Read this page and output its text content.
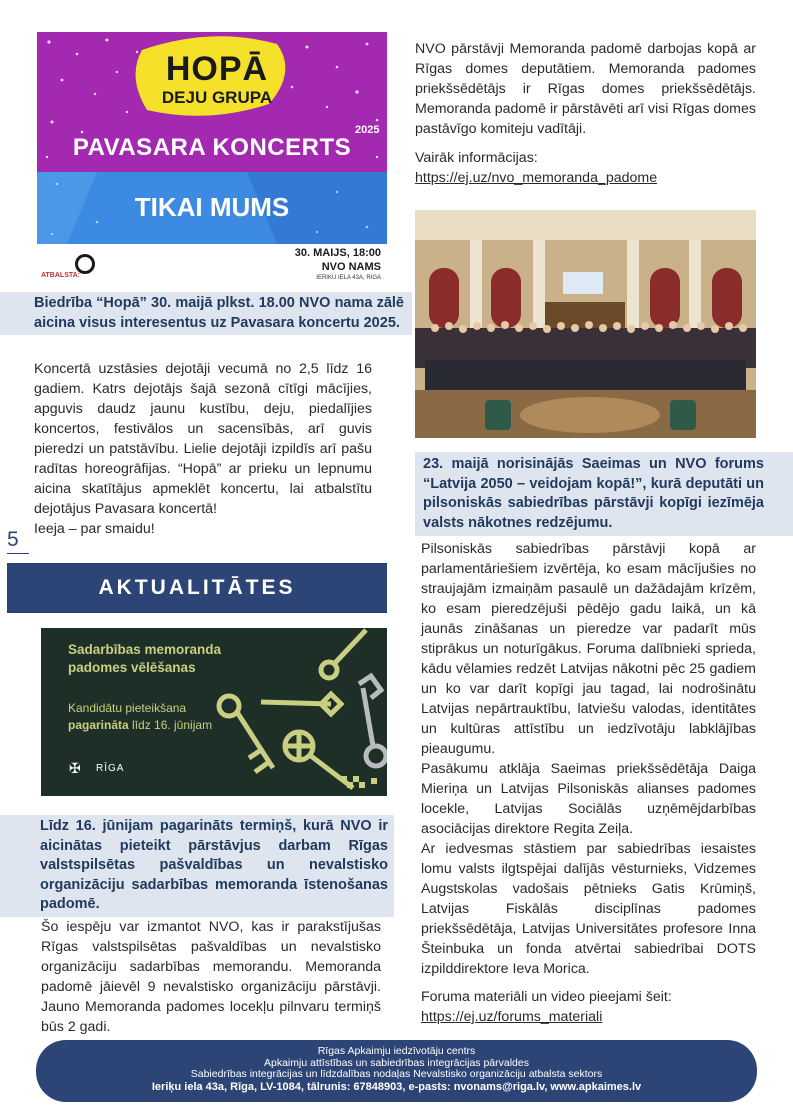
HOPĀ
DEJU GRUPA
2025
PAVASARA KONCERTS
TIKAI MUMS
ATBALSTA:
30. MAIJS, 18:00
NVO NAMS
IERIKU IELA 43A, RIGA
Biedrība “Hopā” 30. maijā plkst. 18.00 NVO nama zālē aicina visus interesentus uz Pavasara koncertu 2025.
Koncertā uzstāsies dejotāji vecumā no 2,5 līdz 16 gadiem. Katrs dejotājs šajā sezonā cītīgi mācījies, apguvis daudz jaunu kustību, deju, piedalījies koncertos, festivālos un sacensībās, arī guvis pieredzi un patstāvību. Lielie dejotāji izpildīs arī pašu radītas horeogrāfijas. “Hopā” ar prieku un lepnumu aicina skatītājus apmeklēt koncertu, lai atbalstītu dejotājus Pavasara koncertā!
Ieeja – par smaidu!
5
AKTUALITĀTES
Sadarbības memoranda
padomes vēlēšanas
Kandidātu pieteikšana
pagarināta līdz 16. jūnijam
✠	RĪGA
Līdz 16. jūnijam pagarināts termiņš, kurā NVO ir aicinātas pieteikt pārstāvjus darbam Rīgas valstspilsētas pašvaldības un nevalstisko organizāciju sadarbības memoranda īstenošanas padomē.
Šo iespēju var izmantot NVO, kas ir parakstījušas Rīgas valstspilsētas pašvaldības un nevalstisko organizāciju sadarbības memorandu. Memoranda padomē jāievēl 9 nevalstisko organizāciju pārstāvji. Jauno Memoranda padomes locekļu pilnvaru termiņš būs 2 gadi.
NVO pārstāvji Memoranda padomē darbojas kopā ar Rīgas domes deputātiem. Memoranda padomes priekšsēdētājs ir Rīgas domes priekšsēdētājs. Memoranda padomē ir pārstāvēti arī visi Rīgas domes pastāvīgo komiteju vadītāji.
Vairāk informācijas:
https://ej.uz/nvo_memoranda_padome
23. maijā norisinājās Saeimas un NVO forums “Latvija 2050 – veidojam kopā!”, kurā deputāti un pilsoniskās sabiedrības pārstāvji kopīgi iezīmēja valsts nākotnes redzējumu.
Pilsoniskās sabiedrības pārstāvji kopā ar parlamentāriešiem izvērtēja, ko esam mācījušies no straujajām izmaiņām pasaulē un dažādajām krīzēm, ko esam pieredzējuši pēdējo gadu laikā, un kā jaunās zināšanas un pieredze var padarīt mūs stiprākus un noturīgākus. Foruma dalībnieki sprieda, kādu vēlamies redzēt Latvijas nākotni pēc 25 gadiem un ko var darīt kopīgi jau tagad, lai nodrošinātu Latvijas nepārtrauktību, latviešu valodas, identitātes un kultūras attīstību un iedzīvotāju labklājības pieaugumu.
Pasākumu atklāja Saeimas priekšsēdētāja Daiga Mieriņa un Latvijas Pilsoniskās alianses padomes locekle, Latvijas Sociālās uzņēmējdarbības asociācijas direktore Regita Zeiļa.
Ar iedvesmas stāstiem par sabiedrības iesaistes lomu valsts ilgtspējai dalījās vēsturnieks, Vidzemes Augstskolas vadošais pētnieks Gatis Krūmiņš, Latvijas Fiskālās disciplīnas padomes priekšsēdētāja, Latvijas Universitātes profesore Inna Šteinbuka un fonda atvērtai sabiedrībai DOTS izpilddirektore Ieva Morica.
Foruma materiāli un video pieejami šeit:
https://ej.uz/forums_materiali
Rīgas Apkaimju iedzīvotāju centrs
Apkaimju attīstības un sabiedrības integrācijas pārvaldes
Sabiedrības integrācijas un līdzdalības nodaļas Nevalstisko organizāciju atbalsta sektors
Ieriķu iela 43a, Rīga, LV-1084, tālrunis: 67848903, e-pasts: nvonams@riga.lv, www.apkaimes.lv
